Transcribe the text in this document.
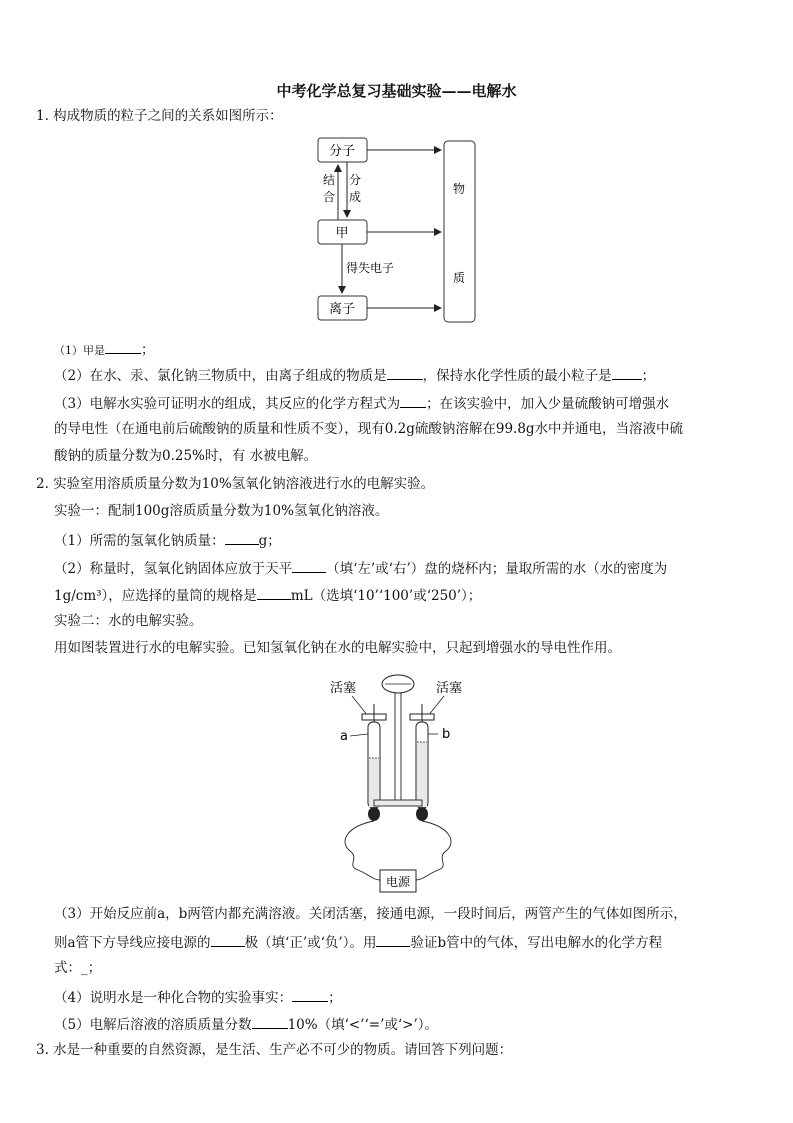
中考化学总复习基础实验——电解水
1. 构成物质的粒子之间的关系如图所示：
分子
甲
离子
物
质
结
合
分
成
得失电子
（1）甲是	；
（2）在水、汞、氯化钠三物质中，由离子组成的物质是	，保持水化学性质的最小粒子是 ；
（3）电解水实验可证明水的组成，其反应的化学方程式为 ；在该实验中，加入少量硫酸钠可增强水
的导电性（在通电前后硫酸钠的质量和性质不变），现有0.2g硫酸钠溶解在99.8g水中并通电，当溶液中硫
酸钠的质量分数为0.25%时，有 水被电解。
2. 实验室用溶质质量分数为10%氢氧化钠溶液进行水的电解实验。
实验一：配制100g溶质质量分数为10%氢氧化钠溶液。
（1）所需的氢氧化钠质量：	g；
（2）称量时，氢氧化钠固体应放于天平	（填‘左’或‘右’）盘的烧杯内；量取所需的水（水的密度为
1g/cm³），应选择的量筒的规格是	mL（选填‘10’‘100’或‘250’）；
实验二：水的电解实验。
用如图装置进行水的电解实验。已知氢氧化钠在水的电解实验中，只起到增强水的导电性作用。
活塞	活塞
a	b
电源
（3）开始反应前a，b两管内都充满溶液。关闭活塞，接通电源，一段时间后，两管产生的气体如图所示，
则a管下方导线应接电源的	极（填‘正’或‘负’）。用	验证b管中的气体，写出电解水的化学方程
式：_；
（4）说明水是一种化合物的实验事实：	；
（5）电解后溶液的溶质质量分数	10%（填‘<’‘=’或‘>’）。
3. 水是一种重要的自然资源，是生活、生产必不可少的物质。请回答下列问题：
